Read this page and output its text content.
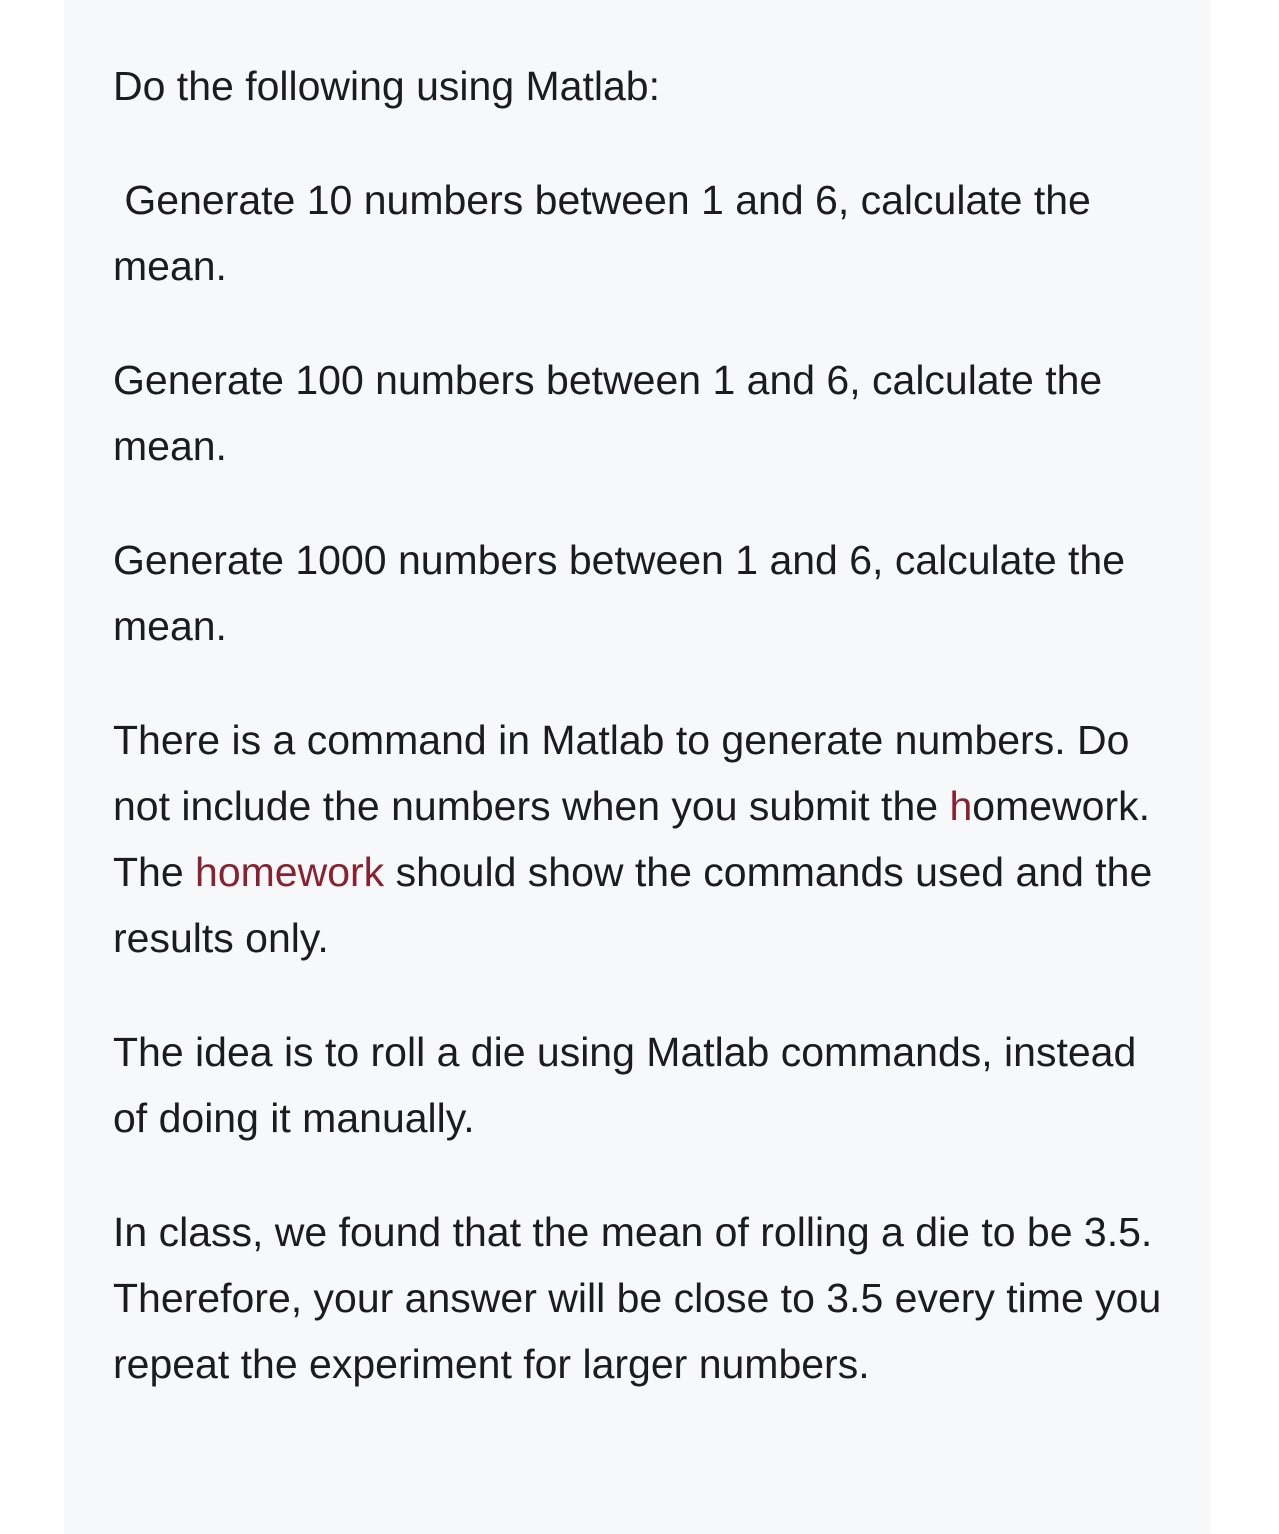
Do the following using Matlab:

Generate 10 numbers between 1 and 6, calculate the mean.

Generate 100 numbers between 1 and 6, calculate the mean.

Generate 1000 numbers between 1 and 6, calculate the mean.

There is a command in Matlab to generate numbers. Do not include the numbers when you submit the homework. The homework should show the commands used and the results only.

The idea is to roll a die using Matlab commands, instead of doing it manually.

In class, we found that the mean of rolling a die to be 3.5. Therefore, your answer will be close to 3.5 every time you repeat the experiment for larger numbers.
